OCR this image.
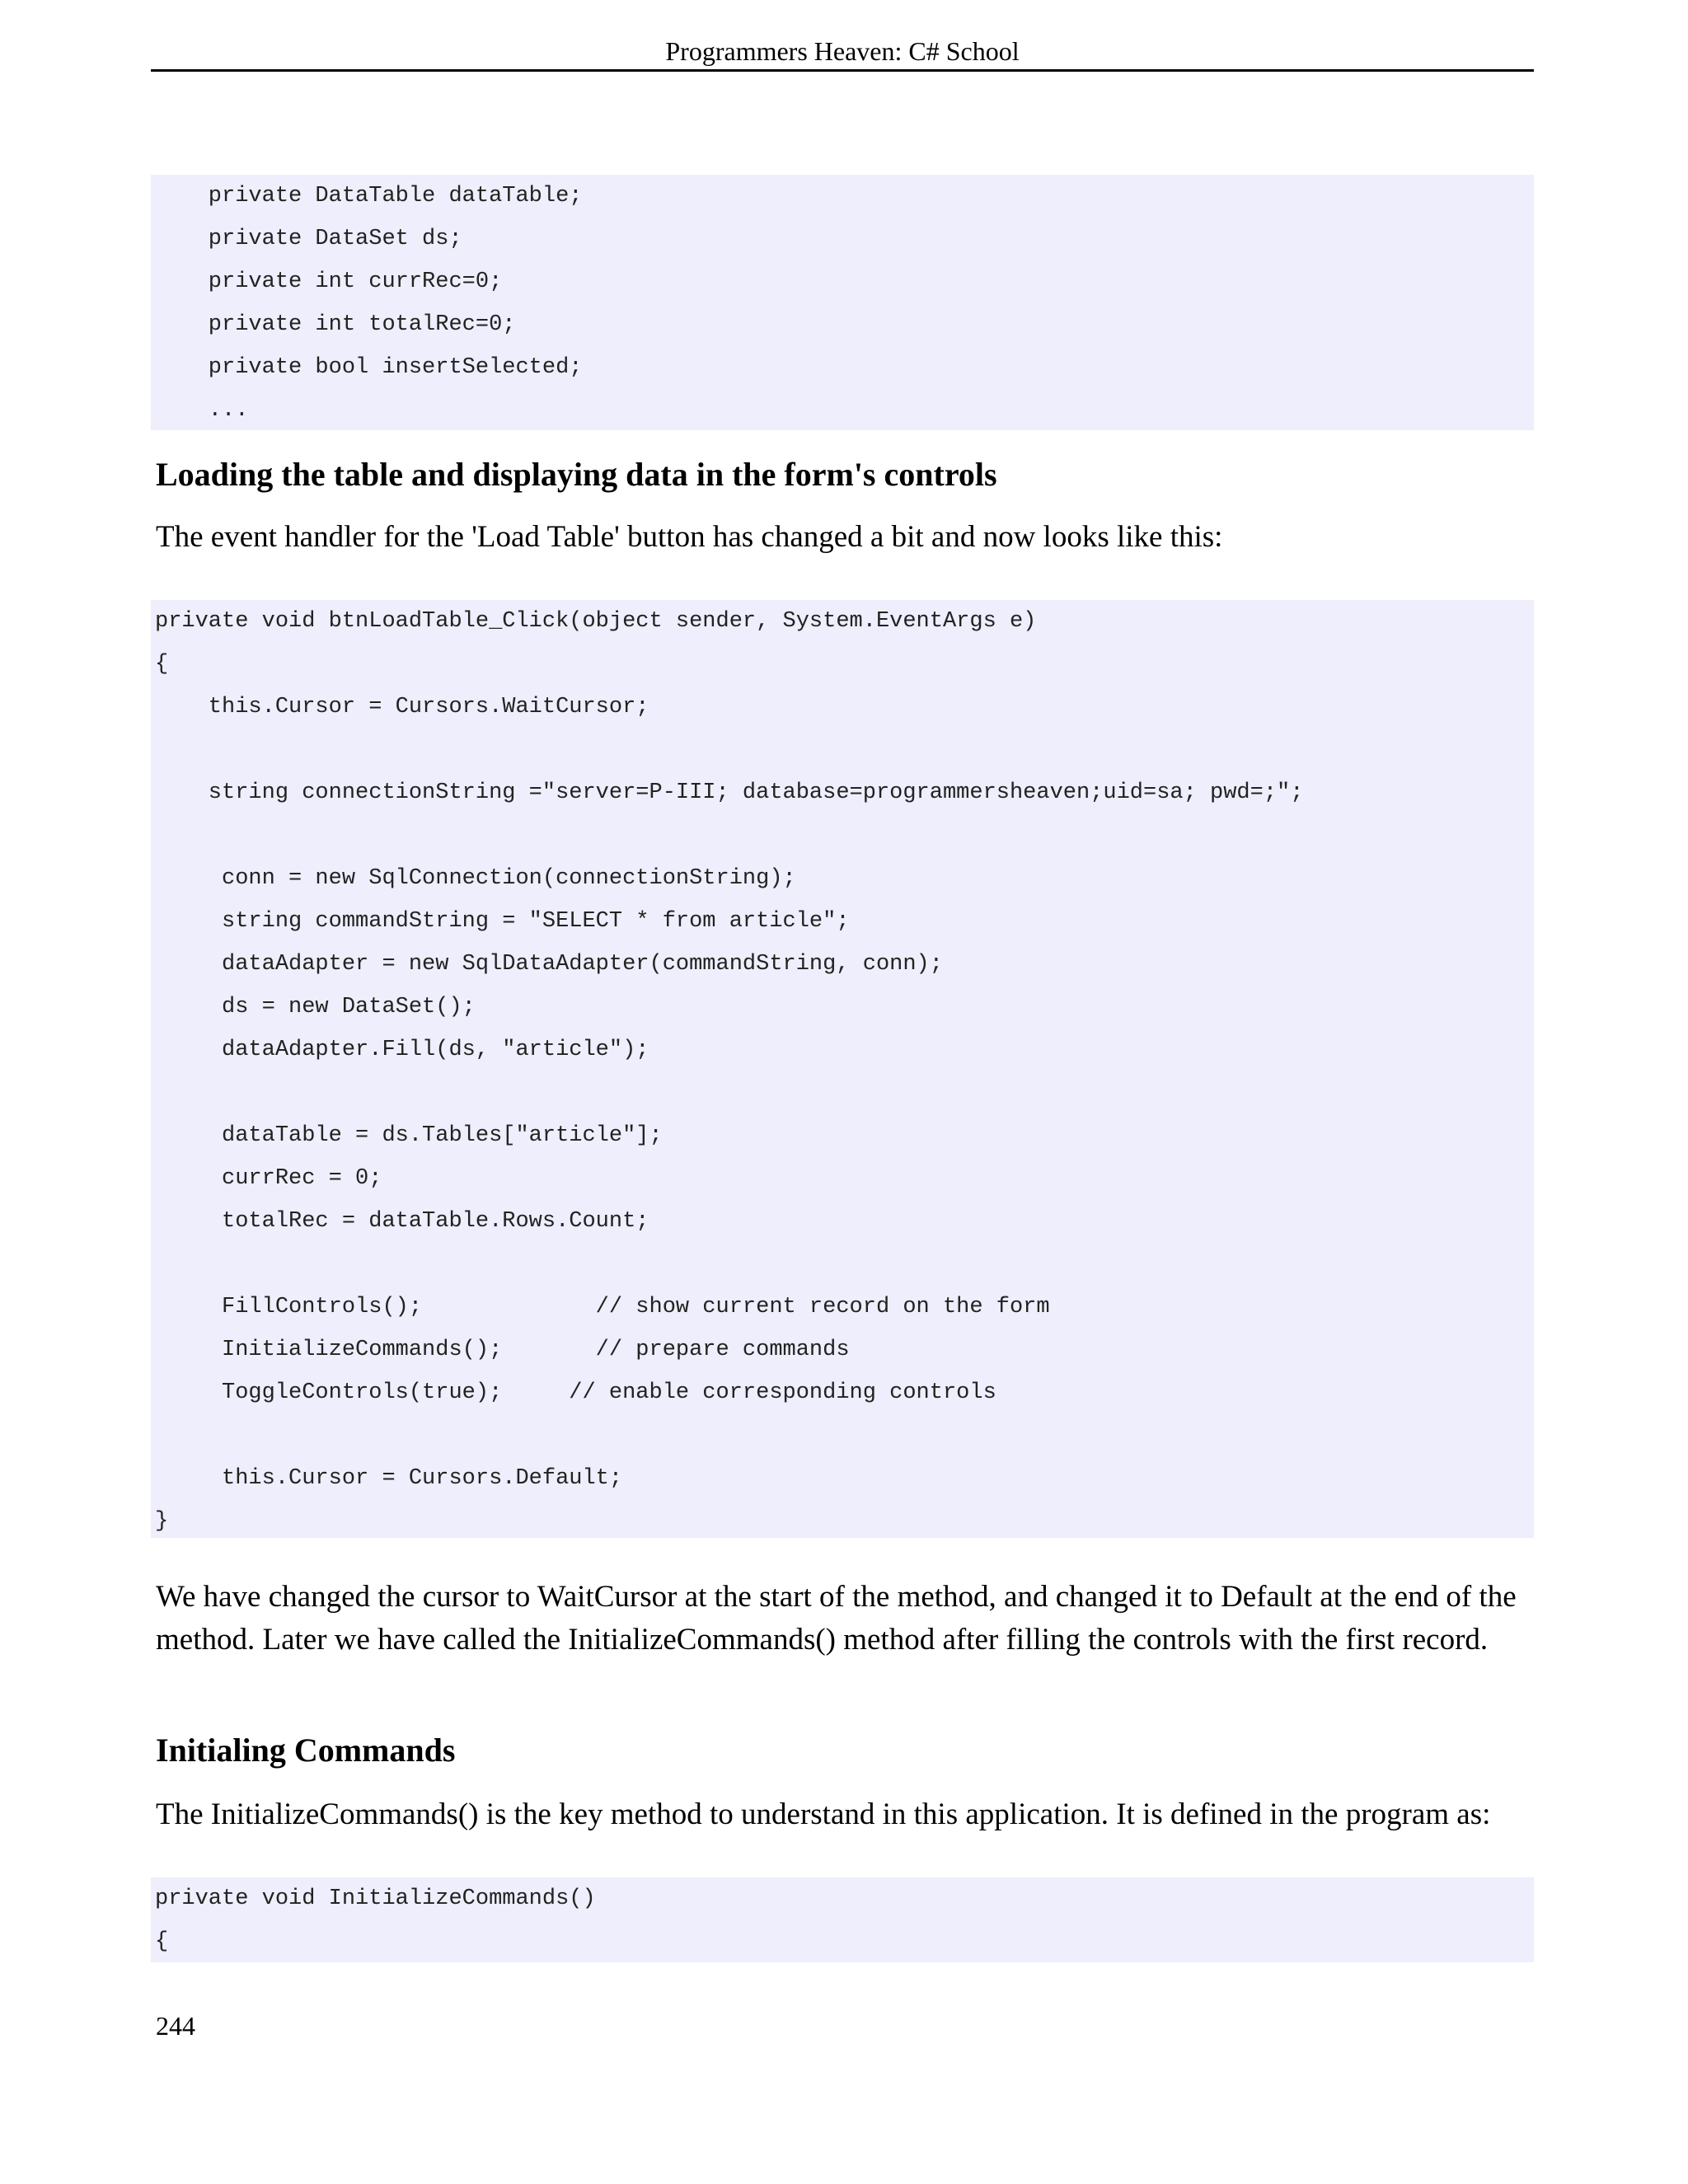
Programmers Heaven: C# School
private DataTable dataTable;
private DataSet ds;
private int currRec=0;
private int totalRec=0;
private bool insertSelected;
...
Loading the table and displaying data in the form's controls
The event handler for the 'Load Table' button has changed a bit and now looks like this:
private void btnLoadTable_Click(object sender, System.EventArgs e)
{
this.Cursor = Cursors.WaitCursor;
string connectionString ="server=P-III; database=programmersheaven;uid=sa; pwd=;";
conn = new SqlConnection(connectionString);
string commandString = "SELECT * from article";
dataAdapter = new SqlDataAdapter(commandString, conn);
ds = new DataSet();
dataAdapter.Fill(ds, "article");
dataTable = ds.Tables["article"];
currRec = 0;
totalRec = dataTable.Rows.Count;
FillControls();             // show current record on the form
InitializeCommands();       // prepare commands
ToggleControls(true);     // enable corresponding controls
this.Cursor = Cursors.Default;
}
We have changed the cursor to WaitCursor at the start of the method, and changed it to Default at the end of the method. Later we have called the InitializeCommands() method after filling the controls with the first record.
Initialing Commands
The InitializeCommands() is the key method to understand in this application. It is defined in the program as:
private void InitializeCommands()
{
244
